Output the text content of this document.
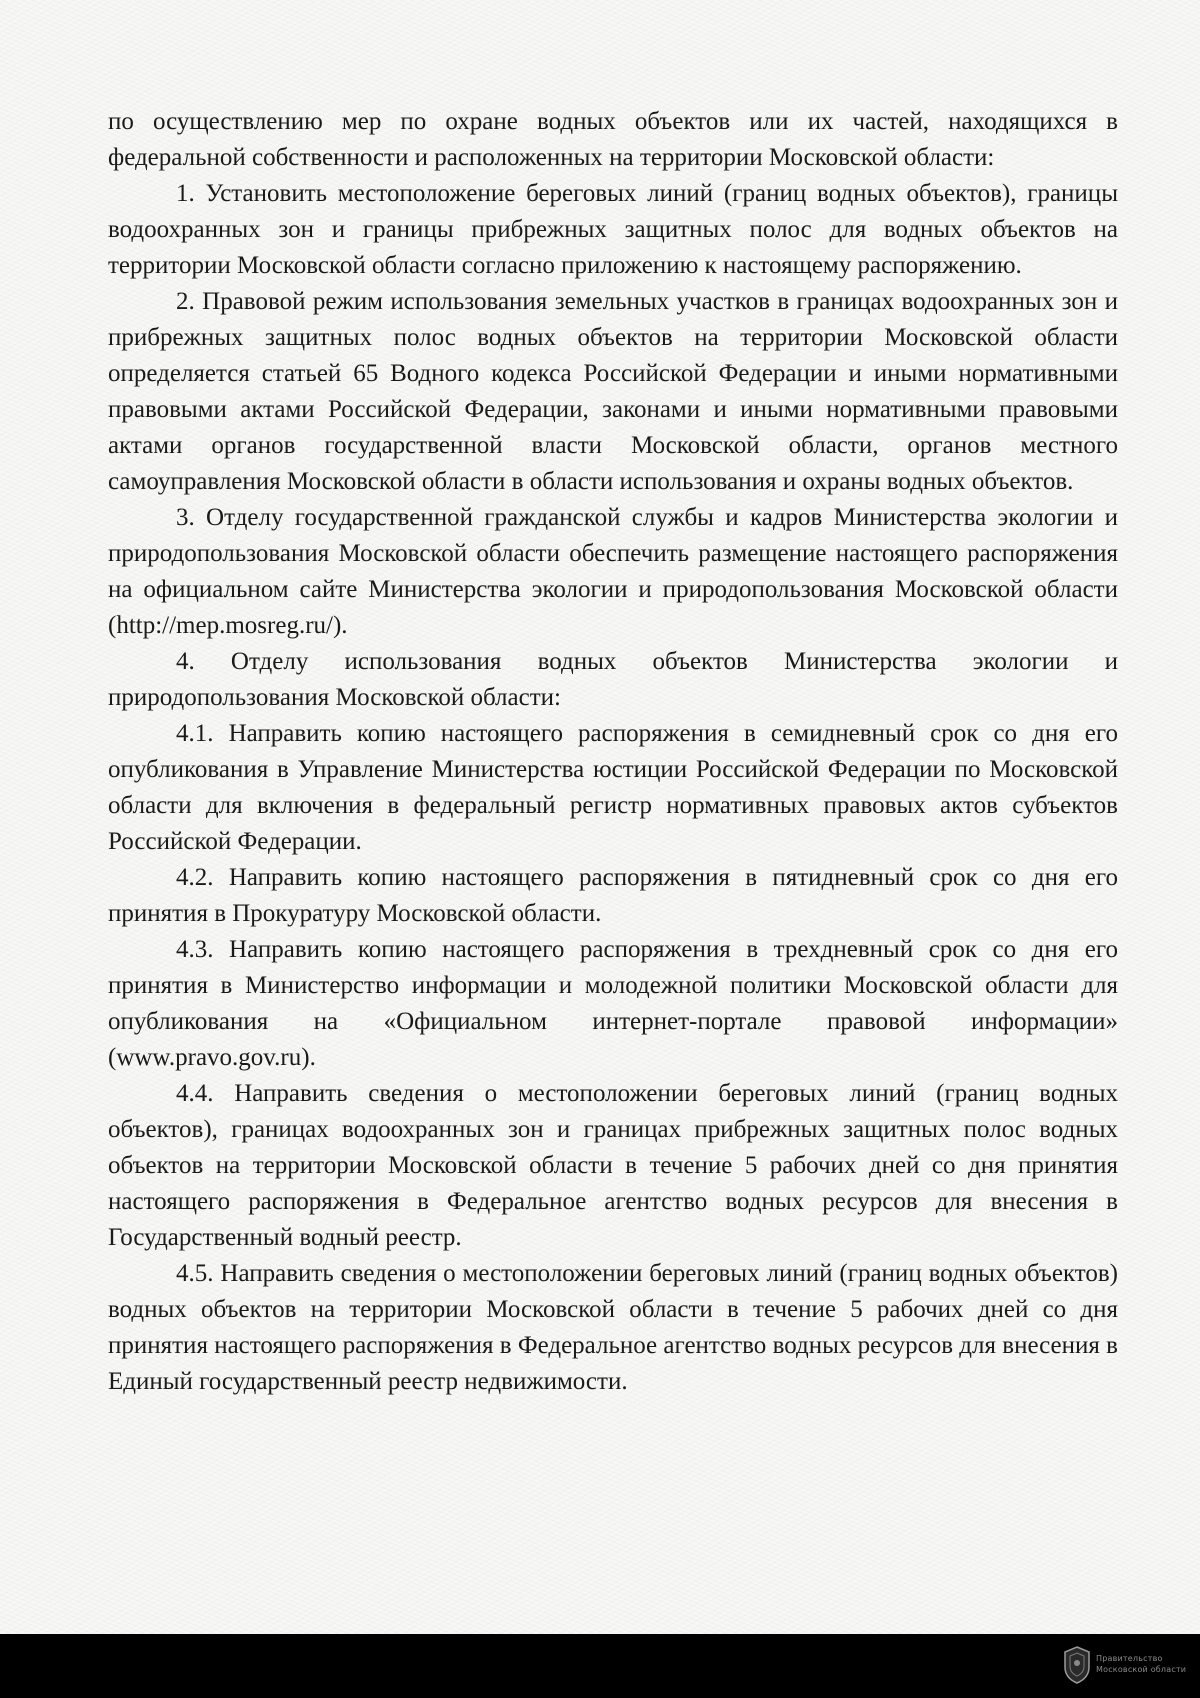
по осуществлению мер по охране водных объектов или их частей, находящихся в федеральной собственности и расположенных на территории Московской области:

1. Установить местоположение береговых линий (границ водных объектов), границы водоохранных зон и границы прибрежных защитных полос для водных объектов на территории Московской области согласно приложению к настоящему распоряжению.

2. Правовой режим использования земельных участков в границах водоохранных зон и прибрежных защитных полос водных объектов на территории Московской области определяется статьей 65 Водного кодекса Российской Федерации и иными нормативными правовыми актами Российской Федерации, законами и иными нормативными правовыми актами органов государственной власти Московской области, органов местного самоуправления Московской области в области использования и охраны водных объектов.

3. Отделу государственной гражданской службы и кадров Министерства экологии и природопользования Московской области обеспечить размещение настоящего распоряжения на официальном сайте Министерства экологии и природопользования Московской области (http://mep.mosreg.ru/).

4. Отделу использования водных объектов Министерства экологии и природопользования Московской области:

4.1. Направить копию настоящего распоряжения в семидневный срок со дня его опубликования в Управление Министерства юстиции Российской Федерации по Московской области для включения в федеральный регистр нормативных правовых актов субъектов Российской Федерации.

4.2. Направить копию настоящего распоряжения в пятидневный срок со дня его принятия в Прокуратуру Московской области.

4.3. Направить копию настоящего распоряжения в трехдневный срок со дня его принятия в Министерство информации и молодежной политики Московской области для опубликования на «Официальном интернет-портале правовой информации» (www.pravo.gov.ru).

4.4. Направить сведения о местоположении береговых линий (границ водных объектов), границах водоохранных зон и границах прибрежных защитных полос водных объектов на территории Московской области в течение 5 рабочих дней со дня принятия настоящего распоряжения в Федеральное агентство водных ресурсов для внесения в Государственный водный реестр.

4.5. Направить сведения о местоположении береговых линий (границ водных объектов) водных объектов на территории Московской области в течение 5 рабочих дней со дня принятия настоящего распоряжения в Федеральное агентство водных ресурсов для внесения в Единый государственный реестр недвижимости.

Правительство
Московской области
